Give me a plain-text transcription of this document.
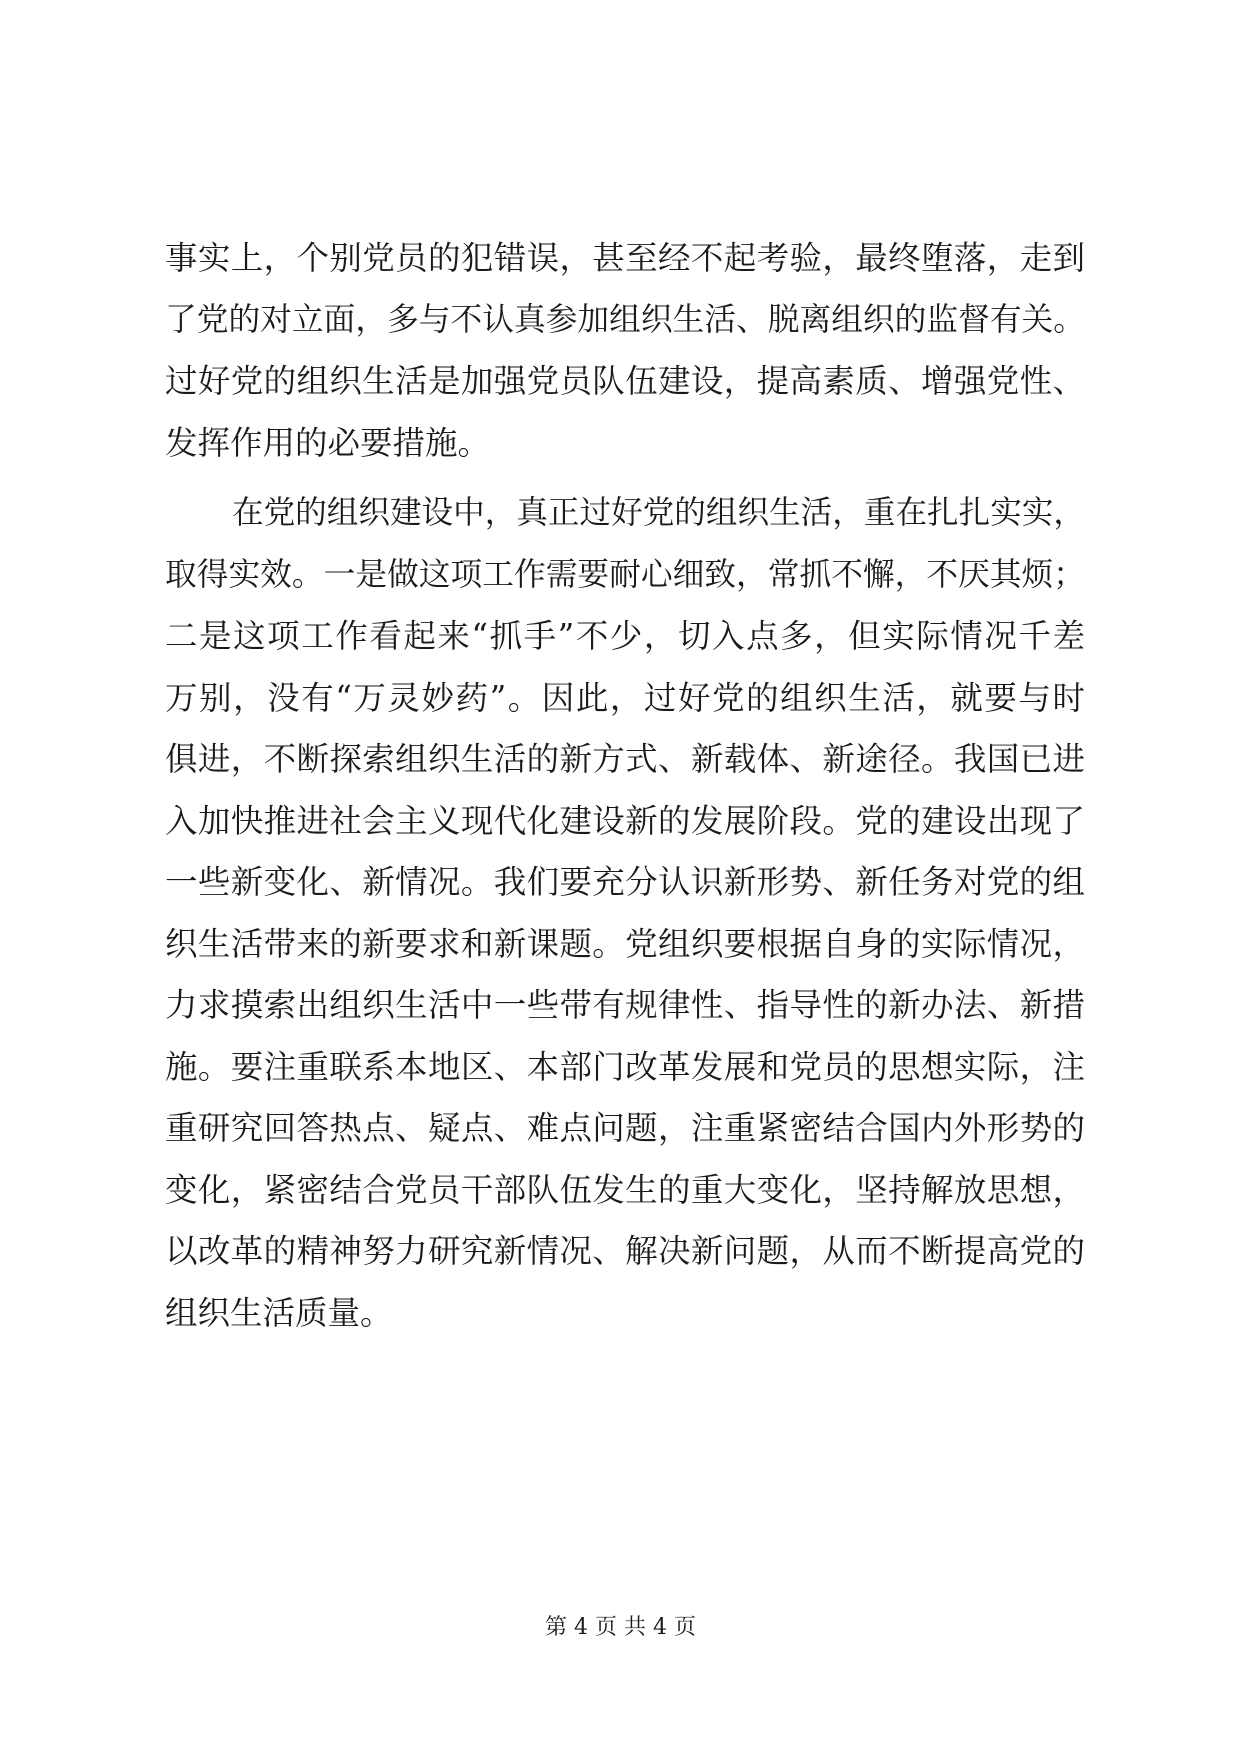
事实上，个别党员的犯错误，甚至经不起考验，最终堕落，走到
了党的对立面，多与不认真参加组织生活、脱离组织的监督有关。
过好党的组织生活是加强党员队伍建设，提高素质、增强党性、
发挥作用的必要措施。
在党的组织建设中，真正过好党的组织生活，重在扎扎实实，
取得实效。一是做这项工作需要耐心细致，常抓不懈，不厌其烦；
二是这项工作看起来“抓手”不少，切入点多，但实际情况千差
万别，没有“万灵妙药”。因此，过好党的组织生活，就要与时
俱进，不断探索组织生活的新方式、新载体、新途径。我国已进
入加快推进社会主义现代化建设新的发展阶段。党的建设出现了
一些新变化、新情况。我们要充分认识新形势、新任务对党的组
织生活带来的新要求和新课题。党组织要根据自身的实际情况，
力求摸索出组织生活中一些带有规律性、指导性的新办法、新措
施。要注重联系本地区、本部门改革发展和党员的思想实际，注
重研究回答热点、疑点、难点问题，注重紧密结合国内外形势的
变化，紧密结合党员干部队伍发生的重大变化，坚持解放思想，
以改革的精神努力研究新情况、解决新问题，从而不断提高党的
组织生活质量。
第 4 页 共 4 页
